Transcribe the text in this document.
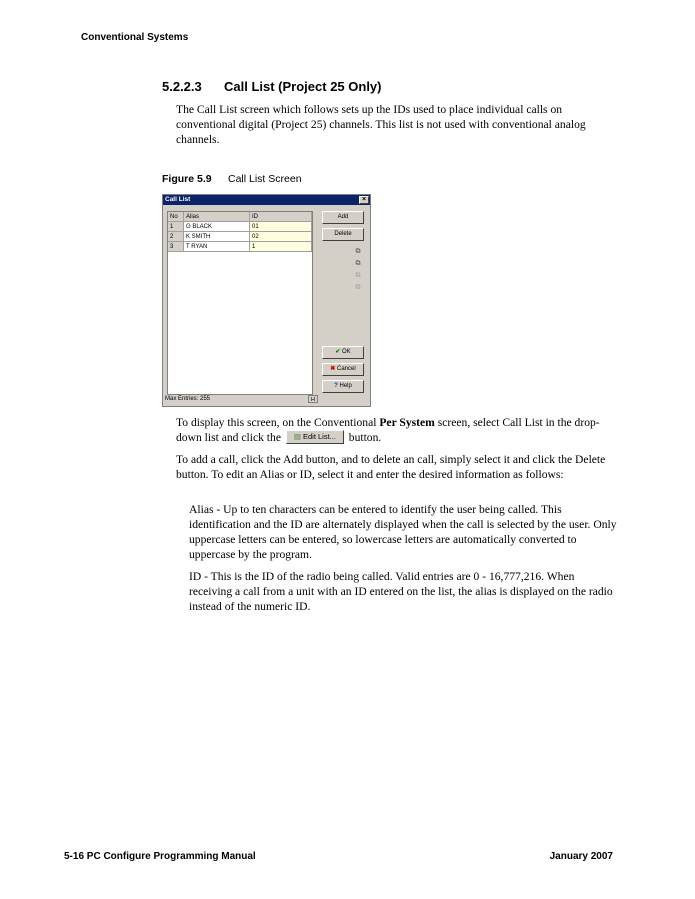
Conventional Systems
5.2.2.3 Call List (Project 25 Only)

The Call List screen which follows sets up the IDs used to place individual calls on conventional digital (Project 25) channels. This list is not used with conventional analog channels.

Figure 5.9 Call List Screen
Call List	×
No	Alias	ID
1	G BLACK	01
2	K SMITH	02
3	T RYAN	1
Add
Delete
⧉
⧉
⧉
⧉
✔ OK
✖ Cancel
? Help
Max Entries: 255	H

To display this screen, on the Conventional Per System screen, select Call List in the drop-down list and click the ▤ Edit List... button.

To add a call, click the Add button, and to delete an call, simply select it and click the Delete button. To edit an Alias or ID, select it and enter the desired information as follows:

Alias - Up to ten characters can be entered to identify the user being called. This identification and the ID are alternately displayed when the call is selected by the user. Only uppercase letters can be entered, so lowercase letters are automatically converted to uppercase by the program.

ID - This is the ID of the radio being called. Valid entries are 0 - 16,777,216. When receiving a call from a unit with an ID entered on the list, the alias is displayed on the radio instead of the numeric ID.

5-16 PC Configure Programming Manual	January 2007
